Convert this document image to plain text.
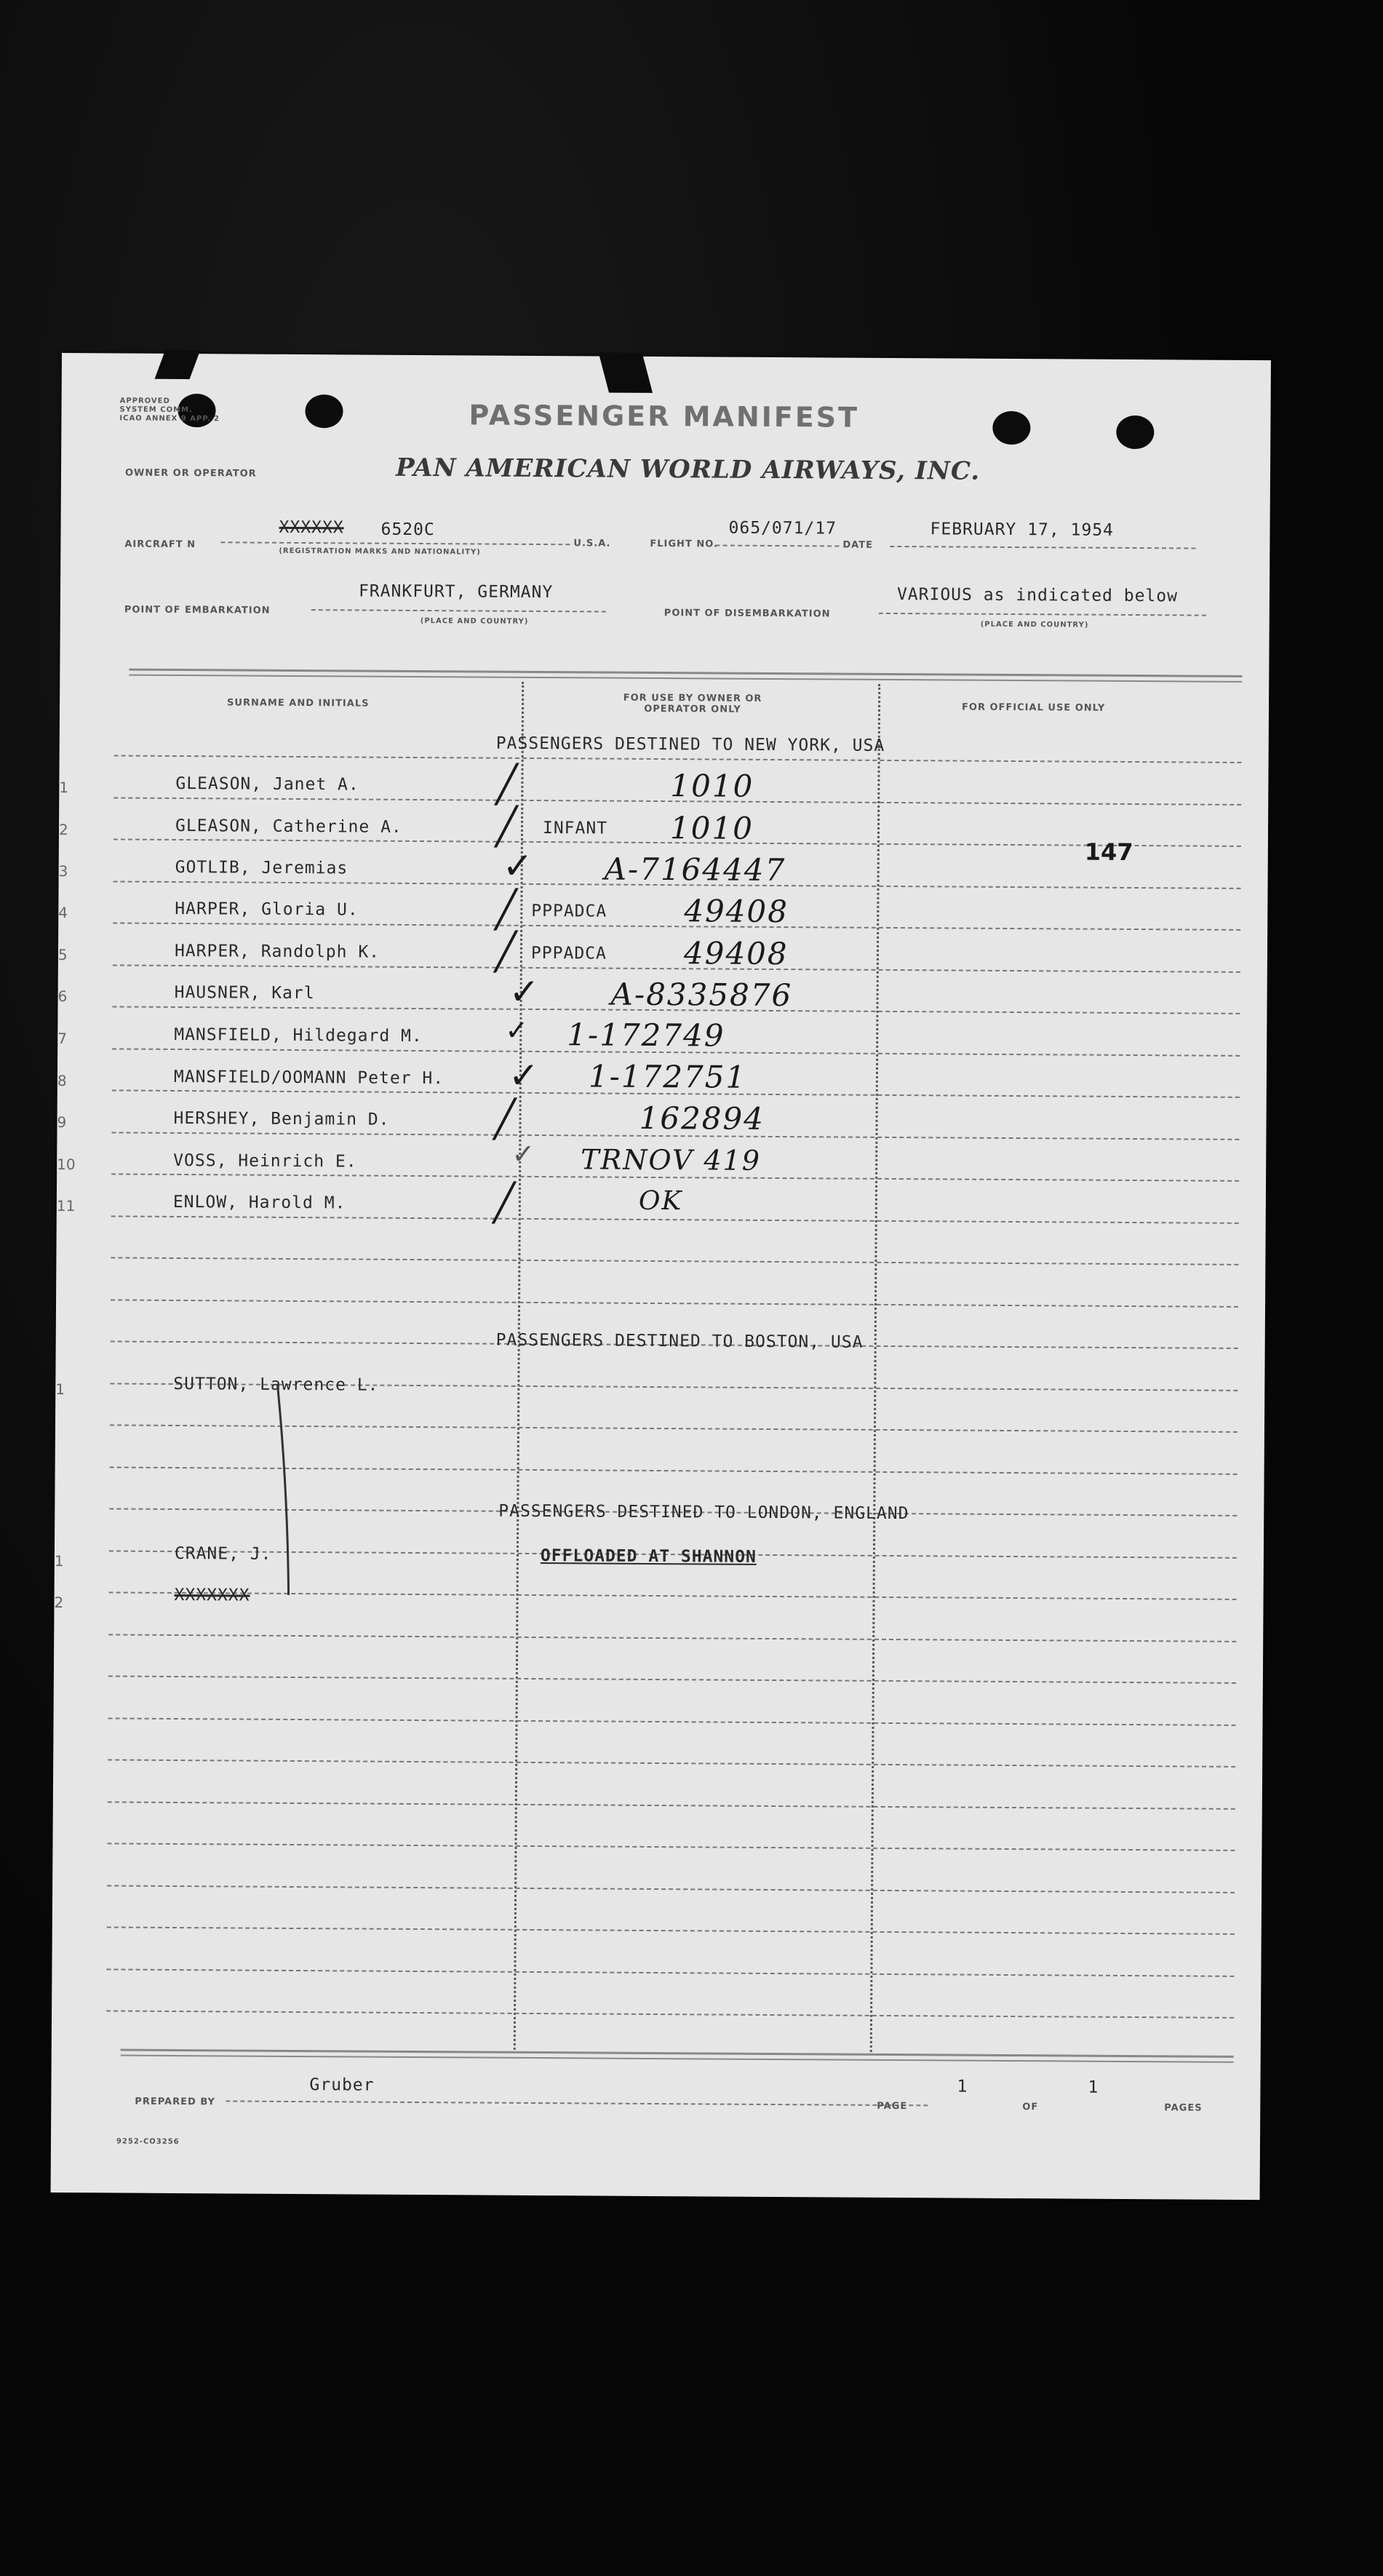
APPROVED
SYSTEM COMM.
ICAO ANNEX 9 APP. 2	PASSENGER MANIFEST
OWNER OR OPERATOR	PAN AMERICAN WORLD AIRWAYS, INC.
AIRCRAFT N
XXXXXX 6520C
(REGISTRATION MARKS AND NATIONALITY)
U.S.A.	FLIGHT NO.
065/071/17
DATE
FEBRUARY 17, 1954
POINT OF EMBARKATION
FRANKFURT, GERMANY
(PLACE AND COUNTRY)
POINT OF DISEMBARKATION
VARIOUS as indicated below
(PLACE AND COUNTRY)
SURNAME AND INITIALS	FOR USE BY OWNER OR OPERATOR ONLY	FOR OFFICIAL USE ONLY
PASSENGERS DESTINED TO NEW YORK, USA
PASSENGERS DESTINED TO BOSTON, USA
PASSENGERS DESTINED TO LONDON, ENGLAND
147
1	GLEASON, Janet A.	╱	1010
2	GLEASON, Catherine A.	╱ INFANT 1010
3	GOTLIB, Jeremias	✓ A-7164447
4	HARPER, Gloria U.	╱ PPPADCA	49408
5	HARPER, Randolph K.	╱ PPPADCA	49408
6	HAUSNER, Karl	✓ A-8335876
7	MANSFIELD, Hildegard M.	✓ 1-172749
8	MANSFIELD/OOMANN Peter H. ✓ 1-172751
9	HERSHEY, Benjamin D.	╱	162894
10	VOSS, Heinrich E.	✓ TRNOV 419
11	ENLOW, Harold M.	╱	OK
1	SUTTON, Lawrence L.
1	CRANE, J.	OFFLOADED AT SHANNON
2	XXXXXXX
PREPARED BY
Gruber
PAGE
1
OF
1
PAGES
9252-CO3256
